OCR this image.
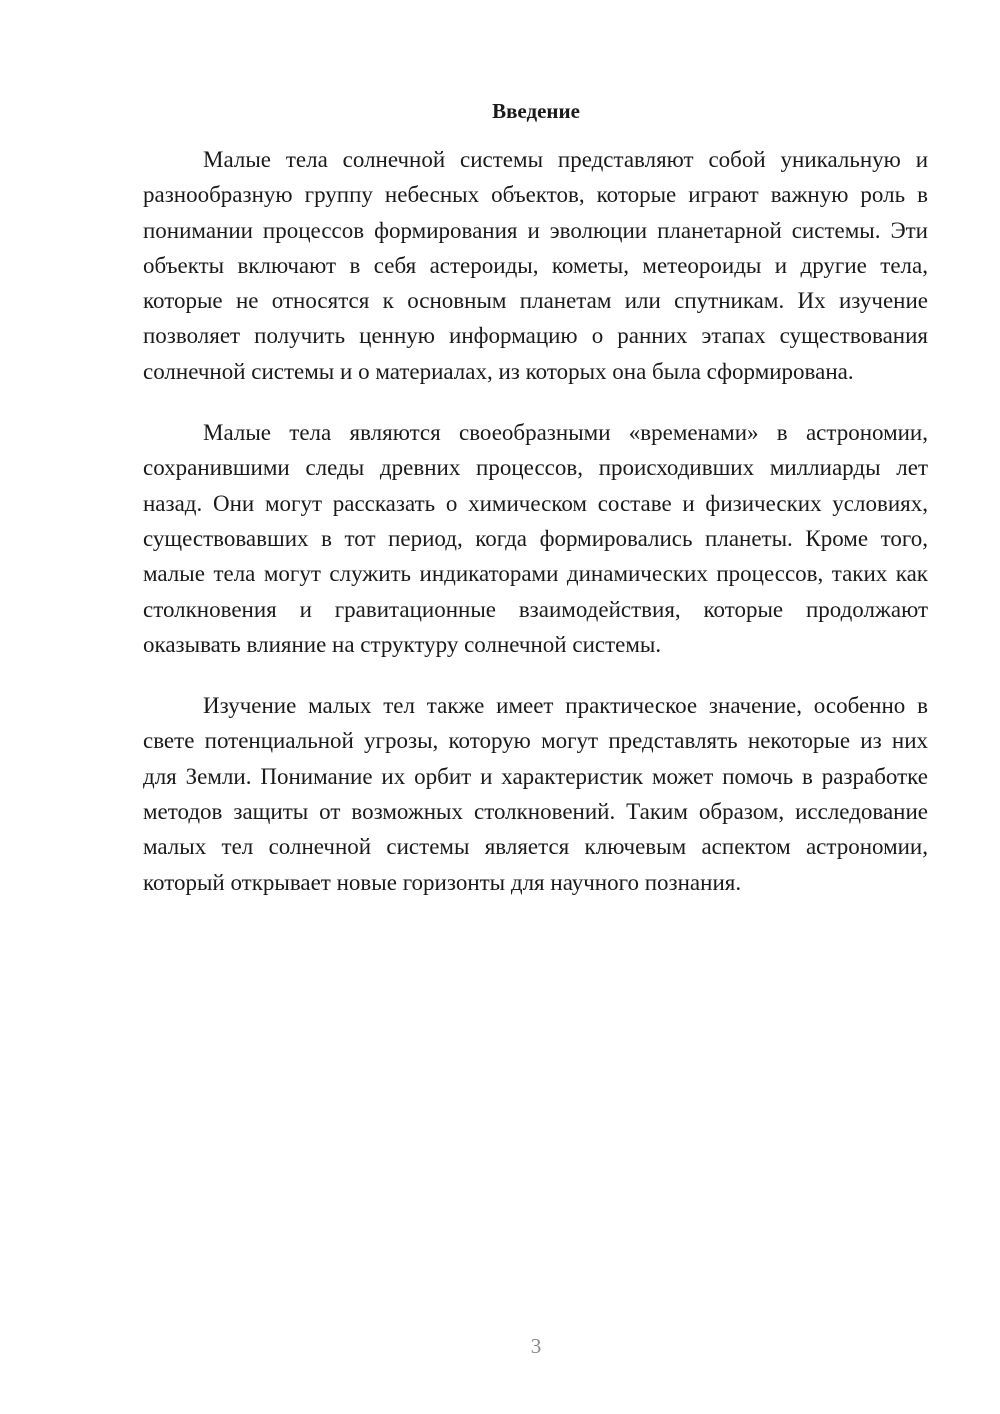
Введение

Малые тела солнечной системы представляют собой уникальную и разнообразную группу небесных объектов, которые играют важную роль в понимании процессов формирования и эволюции планетарной системы. Эти объекты включают в себя астероиды, кометы, метеороиды и другие тела, которые не относятся к основным планетам или спутникам. Их изучение позволяет получить ценную информацию о ранних этапах существования солнечной системы и о материалах, из которых она была сформирована.

Малые тела являются своеобразными «временами» в астрономии, сохранившими следы древних процессов, происходивших миллиарды лет назад. Они могут рассказать о химическом составе и физических условиях, существовавших в тот период, когда формировались планеты. Кроме того, малые тела могут служить индикаторами динамических процессов, таких как столкновения и гравитационные взаимодействия, которые продолжают оказывать влияние на структуру солнечной системы.

Изучение малых тел также имеет практическое значение, особенно в свете потенциальной угрозы, которую могут представлять некоторые из них для Земли. Понимание их орбит и характеристик может помочь в разработке методов защиты от возможных столкновений. Таким образом, исследование малых тел солнечной системы является ключевым аспектом астрономии, который открывает новые горизонты для научного познания.

3
